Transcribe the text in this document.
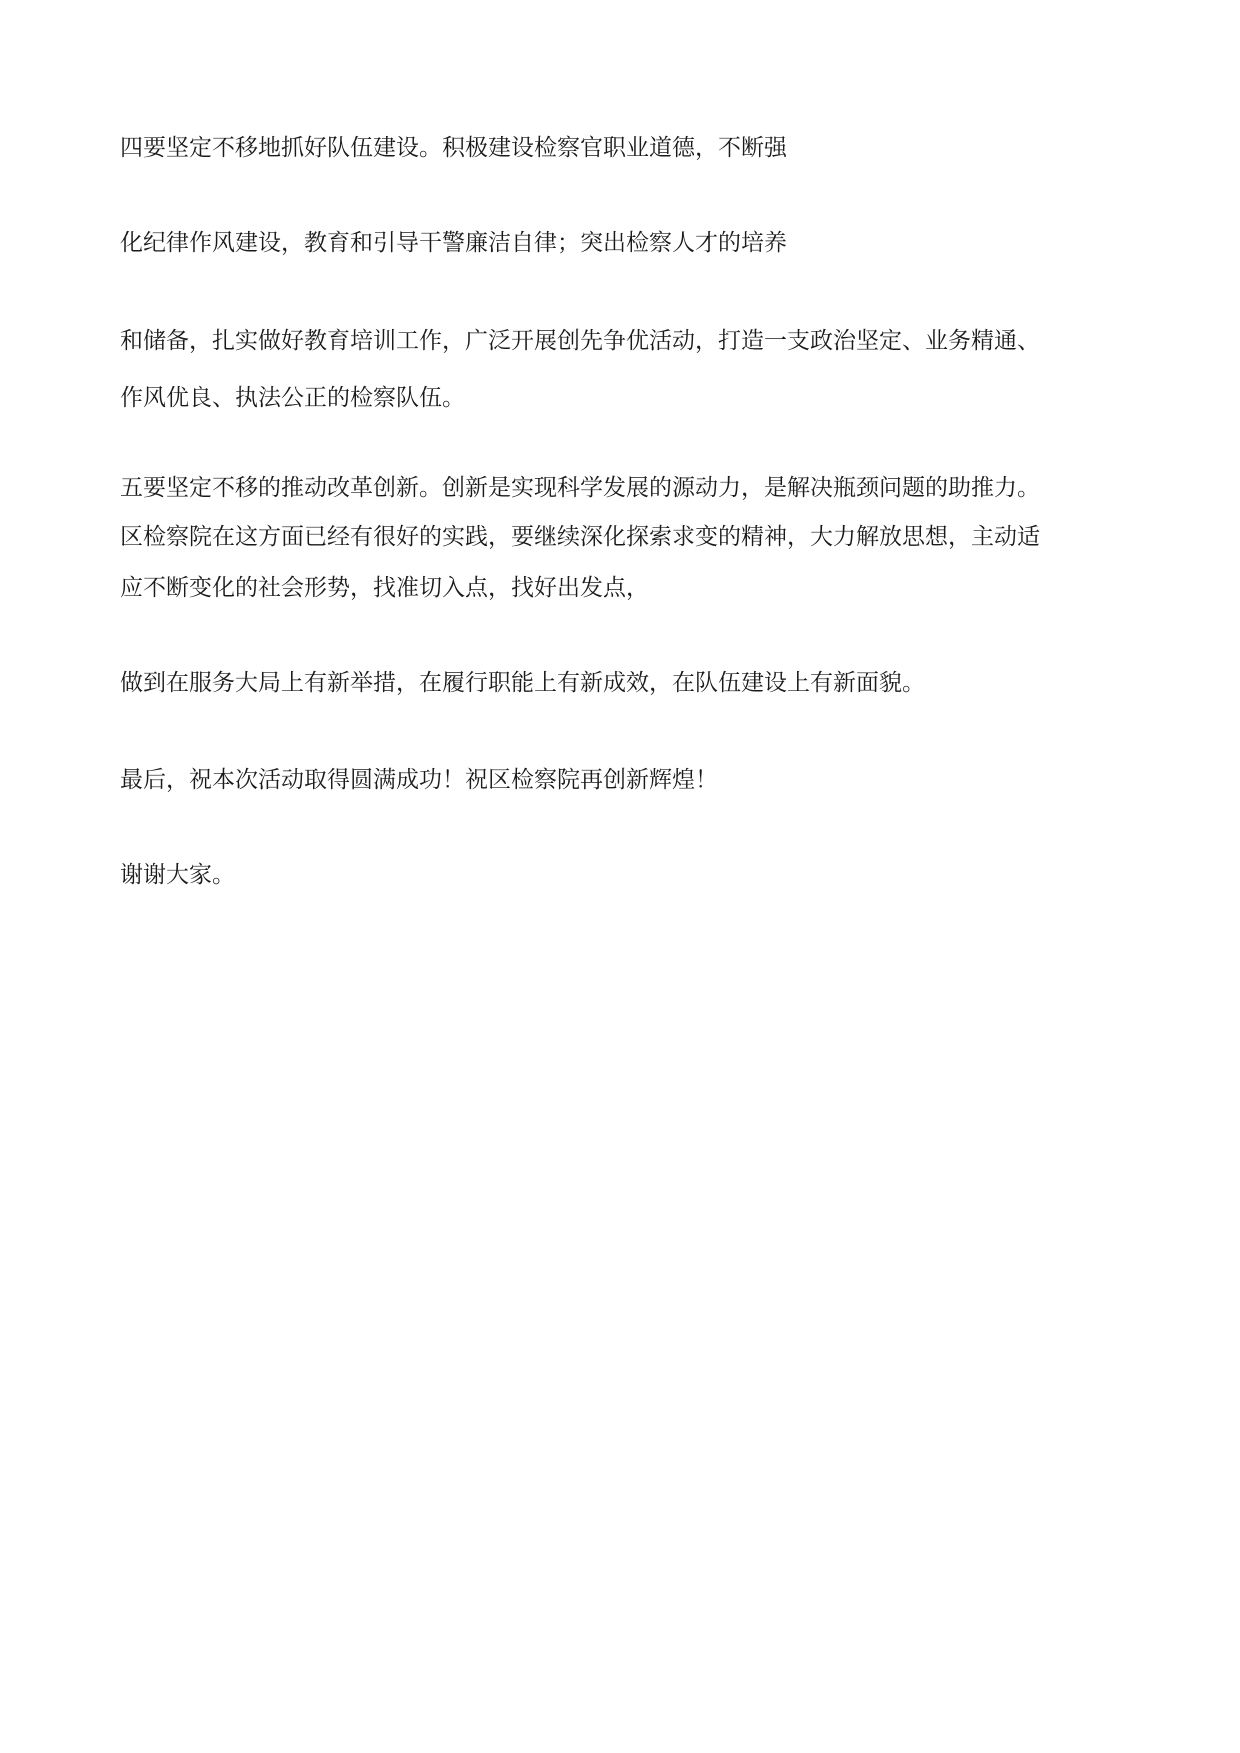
四要坚定不移地抓好队伍建设。积极建设检察官职业道德，不断强

化纪律作风建设，教育和引导干警廉洁自律；突出检察人才的培养

和储备，扎实做好教育培训工作，广泛开展创先争优活动，打造一支政治坚定、业务精通、

作风优良、执法公正的检察队伍。

五要坚定不移的推动改革创新。创新是实现科学发展的源动力，是解决瓶颈问题的助推力。

区检察院在这方面已经有很好的实践，要继续深化探索求变的精神，大力解放思想，主动适

应不断变化的社会形势，找准切入点，找好出发点，

做到在服务大局上有新举措，在履行职能上有新成效，在队伍建设上有新面貌。

最后，祝本次活动取得圆满成功！祝区检察院再创新辉煌！

谢谢大家。
